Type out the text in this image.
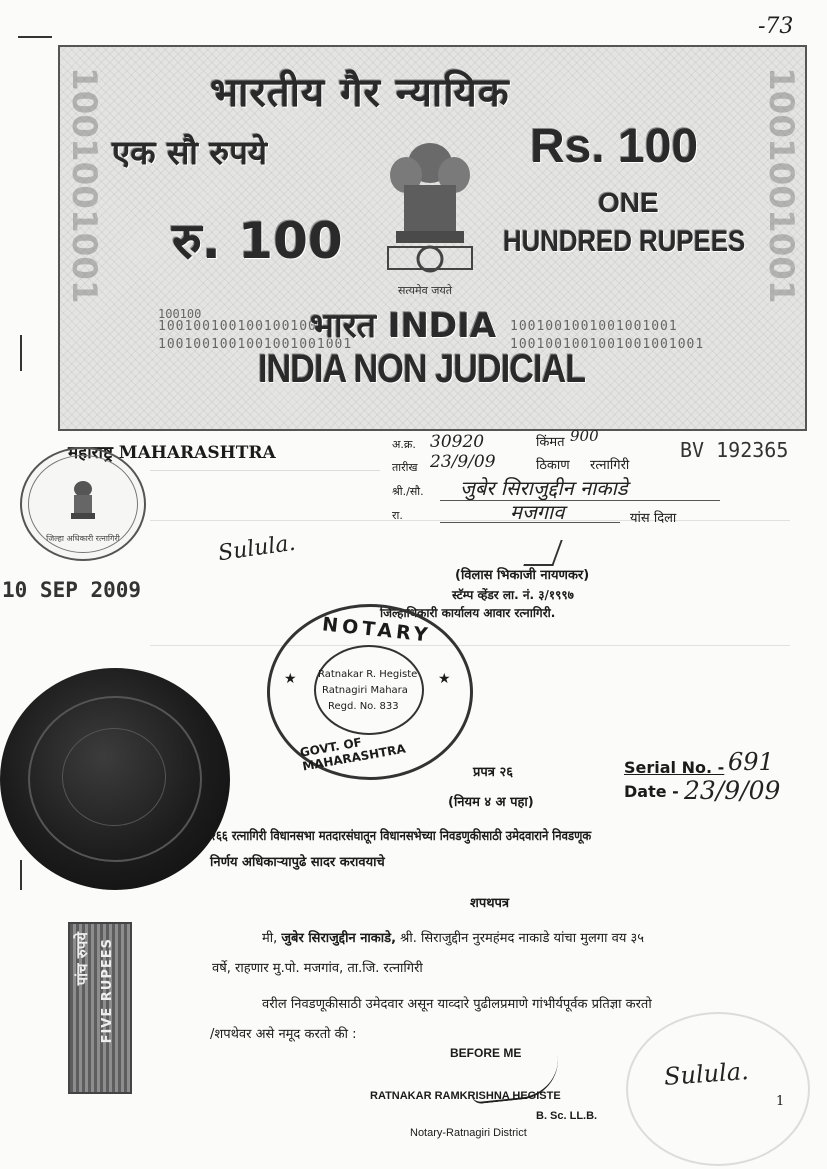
-73
1001001001	1001001001
भारतीय गैर न्यायिक
एक सौ रुपये	Rs. 100
रु. 100
ONE
HUNDRED RUPEES
सत्यमेव जयते
100100
1001001001001001001
1001001001001001001001
1001001001001001001
1001001001001001001001
भारत INDIA
INDIA NON JUDICIAL
महाराष्ट्र MAHARASHTRA	अ.क्र. 30920
तारीख 23/9/09
किंमत 900
ठिकाण रत्नागिरी
BV 192365
श्री./सौ. जुबेर सिराजुद्दीन नाकाडे
रा.	मजगाव	यांस दिला
जिल्हा अधिकारी रत्नागिरी
10 SEP 2009
Sulula.
(विलास भिकाजी नायणकर)
स्टॅम्प व्हेंडर ला. नं. ३/१९९७
जिल्हाधिकारी कार्यालय आवार रत्नागिरी.
NOTARY
Ratnakar R. Hegiste
Ratnagiri Mahara
Regd. No. 833
GOVT. OF MAHARASHTRA
★	★
प्रपत्र २६
(नियम ४ अ पहा)
Serial No. - 691
Date - 23/9/09
२६६ रत्नागिरी विधानसभा मतदारसंघातून विधानसभेच्या निवडणुकीसाठी उमेदवाराने निवडणूक
निर्णय अधिकाऱ्यापुढे सादर करावयाचे
शपथपत्र
मी, जुबेर सिराजुद्दीन नाकाडे, श्री. सिराजुद्दीन नुरमहंमद नाकाडे यांचा मुलगा वय ३५
वर्षे, राहणार मु.पो. मजगांव, ता.जि. रत्नागिरी
वरील निवडणूकीसाठी उमेदवार असून याव्दारे पुढीलप्रमाणे गांभीर्यपूर्वक प्रतिज्ञा करतो
/शपथेवर असे नमूद करतो की :
पांच रुपये FIVE RUPEES
BEFORE ME
RATNAKAR RAMKRISHNA HEGISTE
B. Sc. LL.B.
Notary-Ratnagiri District
Sulula.
1
